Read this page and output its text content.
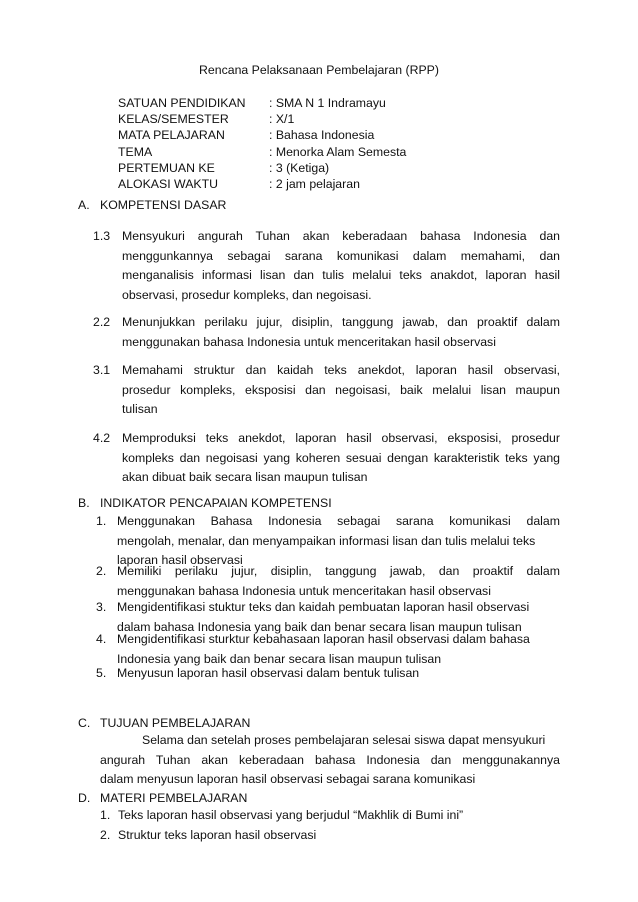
Rencana Pelaksanaan Pembelajaran (RPP)
SATUAN PENDIDIKAN	: SMA N 1 Indramayu
KELAS/SEMESTER	: X/1
MATA PELAJARAN	: Bahasa Indonesia
TEMA	: Menorka Alam Semesta
PERTEMUAN KE	: 3 (Ketiga)
ALOKASI WAKTU	: 2 jam pelajaran
A. KOMPETENSI DASAR
1.3 Mensyukuri angurah Tuhan akan keberadaan bahasa Indonesia dan
menggunkannya sebagai sarana komunikasi dalam memahami, dan
menganalisis informasi lisan dan tulis melalui teks anakdot, laporan hasil
observasi, prosedur kompleks, dan negoisasi.
2.2 Menunjukkan perilaku jujur, disiplin, tanggung jawab, dan proaktif dalam
menggunakan bahasa Indonesia untuk menceritakan hasil observasi
3.1 Memahami struktur dan kaidah teks anekdot, laporan hasil observasi,
prosedur kompleks, eksposisi dan negoisasi, baik melalui lisan maupun
tulisan
4.2 Memproduksi teks anekdot, laporan hasil observasi, eksposisi, prosedur
kompleks dan negoisasi yang koheren sesuai dengan karakteristik teks yang
akan dibuat baik secara lisan maupun tulisan
B. INDIKATOR PENCAPAIAN KOMPETENSI
1. Menggunakan Bahasa Indonesia sebagai sarana komunikasi dalam
mengolah, menalar, dan menyampaikan informasi lisan dan tulis melalui teks
laporan hasil observasi
2. Memiliki perilaku jujur, disiplin, tanggung jawab, dan proaktif dalam
menggunakan bahasa Indonesia untuk menceritakan hasil observasi
3. Mengidentifikasi stuktur teks dan kaidah pembuatan laporan hasil observasi
dalam bahasa Indonesia yang baik dan benar secara lisan maupun tulisan
4. Mengidentifikasi sturktur kebahasaan laporan hasil observasi dalam bahasa
Indonesia yang baik dan benar secara lisan maupun tulisan
5. Menyusun laporan hasil observasi dalam bentuk tulisan
C. TUJUAN PEMBELAJARAN
Selama dan setelah proses pembelajaran selesai siswa dapat mensyukuri
angurah Tuhan akan keberadaan bahasa Indonesia dan menggunakannya
dalam menyusun laporan hasil observasi sebagai sarana komunikasi
D. MATERI PEMBELAJARAN
1. Teks laporan hasil observasi yang berjudul “Makhlik di Bumi ini”
2. Struktur teks laporan hasil observasi
